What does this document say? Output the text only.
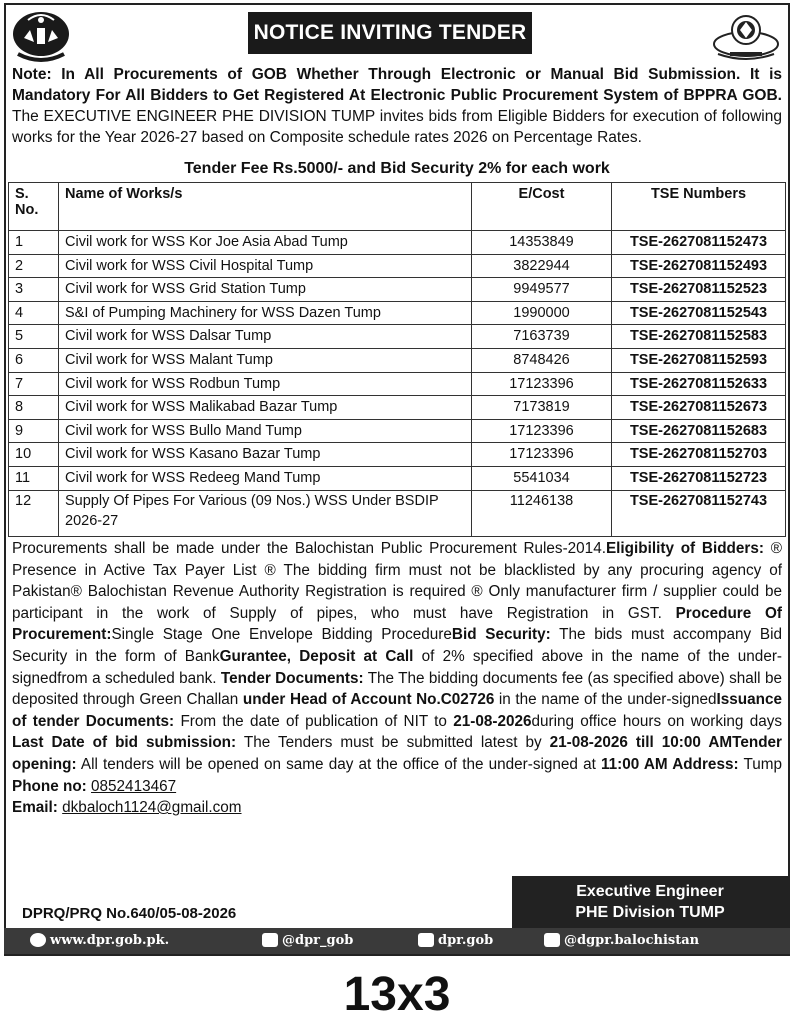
NOTICE INVITING TENDER
Note: In All Procurements of GOB Whether Through Electronic or Manual Bid Submission. It is Mandatory For All Bidders to Get Registered At Electronic Public Procurement System of BPPRA GOB. The EXECUTIVE ENGINEER PHE DIVISION TUMP invites bids from Eligible Bidders for execution of following works for the Year 2026-27 based on Composite schedule rates 2026 on Percentage Rates.
Tender Fee Rs.5000/- and Bid Security 2% for each work
S. No.	Name of Works/s	E/Cost	TSE Numbers
1	Civil work for WSS Kor Joe Asia Abad Tump	14353849	TSE-2627081152473
2	Civil work for WSS Civil Hospital Tump	3822944	TSE-2627081152493
3	Civil work for WSS Grid Station Tump	9949577	TSE-2627081152523
4	S&I of Pumping Machinery for WSS Dazen Tump	1990000	TSE-2627081152543
5	Civil work for WSS Dalsar Tump	7163739	TSE-2627081152583
6	Civil work for WSS Malant Tump	8748426	TSE-2627081152593
7	Civil work for WSS Rodbun Tump	17123396	TSE-2627081152633
8	Civil work for WSS Malikabad Bazar Tump	7173819	TSE-2627081152673
9	Civil work for WSS Bullo Mand Tump	17123396	TSE-2627081152683
10	Civil work for WSS Kasano Bazar Tump	17123396	TSE-2627081152703
11	Civil work for WSS Redeeg Mand Tump	5541034	TSE-2627081152723
12	Supply Of Pipes For Various (09 Nos.) WSS Under BSDIP 2026-27	11246138	TSE-2627081152743
Procurements shall be made under the Balochistan Public Procurement Rules-2014.Eligibility of Bidders: ® Presence in Active Tax Payer List ® The bidding firm must not be blacklisted by any procuring agency of Pakistan® Balochistan Revenue Authority Registration is required ® Only manufacturer firm / supplier could be participant in the work of Supply of pipes, who must have Registration in GST. Procedure Of Procurement:Single Stage One Envelope Bidding ProcedureBid Security: The bids must accompany Bid Security in the form of BankGurantee, Deposit at Call of 2% specified above in the name of the under-signedfrom a scheduled bank. Tender Documents: The The bidding documents fee (as specified above) shall be deposited through Green Challan under Head of Account No.C02726 in the name of the under-signedIssuance of tender Documents: From the date of publication of NIT to 21-08-2026during office hours on working days Last Date of bid submission: The Tenders must be submitted latest by 21-08-2026 till 10:00 AMTender opening: All tenders will be opened on same day at the office of the under-signed at 11:00 AM Address: Tump Phone no: 0852413467
Email: dkbaloch1124@gmail.com
DPRQ/PRQ No.640/05-08-2026
Executive Engineer
PHE Division TUMP
www.dpr.gob.pk.	@dpr_gob	dpr.gob	@dgpr.balochistan
13x3
